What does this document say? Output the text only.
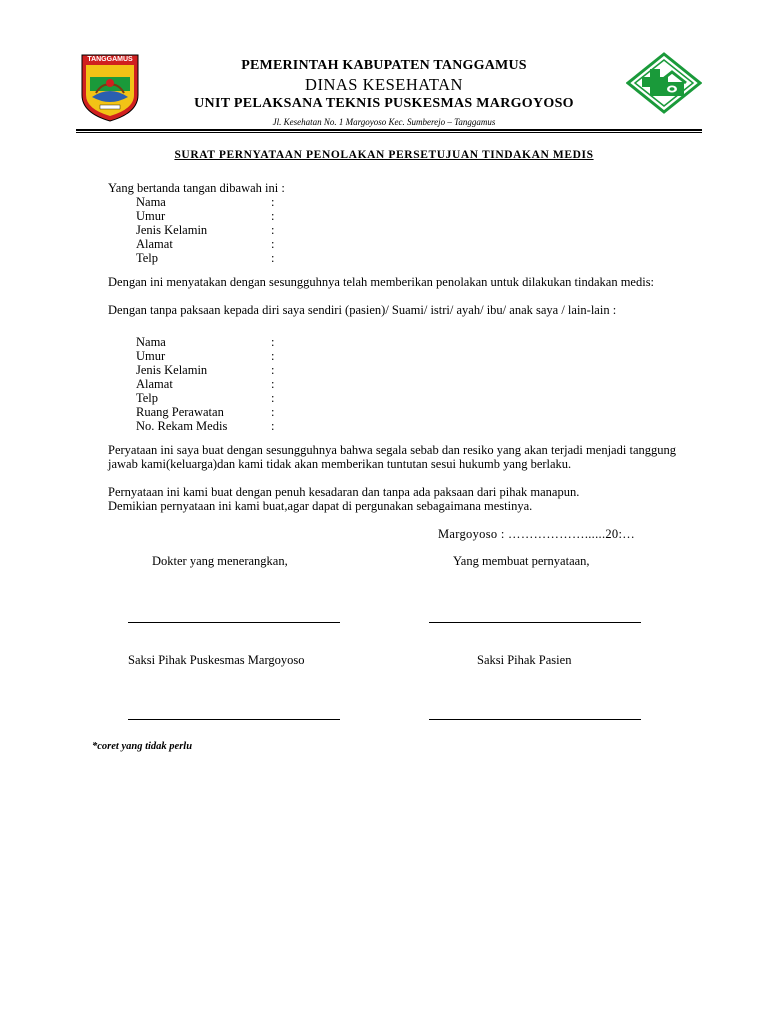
TANGGAMUS	PEMERINTAH KABUPATEN TANGGAMUS
DINAS KESEHATAN
UNIT PELAKSANA TEKNIS PUSKESMAS MARGOYOSO
Jl. Kesehatan No. 1 Margoyoso Kec. Sumberejo – Tanggamus
SURAT PERNYATAAN PENOLAKAN PERSETUJUAN TINDAKAN MEDIS
Yang bertanda tangan dibawah ini :
Nama	:
Umur	:
Jenis Kelamin	:
Alamat	:
Telp	:
Dengan ini menyatakan dengan sesungguhnya telah memberikan penolakan untuk dilakukan tindakan medis:
Dengan tanpa paksaan kepada diri saya sendiri (pasien)/ Suami/ istri/ ayah/ ibu/ anak saya / lain-lain :
Nama	:
Umur	:
Jenis Kelamin	:
Alamat	:
Telp	:
Ruang Perawatan	:
No. Rekam Medis	:
Peryataan ini saya buat dengan sesungguhnya bahwa segala sebab dan resiko yang akan terjadi menjadi tanggung jawab kami(keluarga)dan kami tidak akan memberikan tuntutan sesui hukumb yang berlaku.
Pernyataan ini kami buat dengan penuh kesadaran dan tanpa ada paksaan dari pihak manapun.
Demikian pernyataan ini kami buat,agar dapat di pergunakan sebagaimana mestinya.
Margoyoso : ………………......20:…
Dokter yang menerangkan,	Yang membuat pernyataan,
Saksi Pihak Puskesmas Margoyoso	Saksi Pihak Pasien
*coret yang tidak perlu
